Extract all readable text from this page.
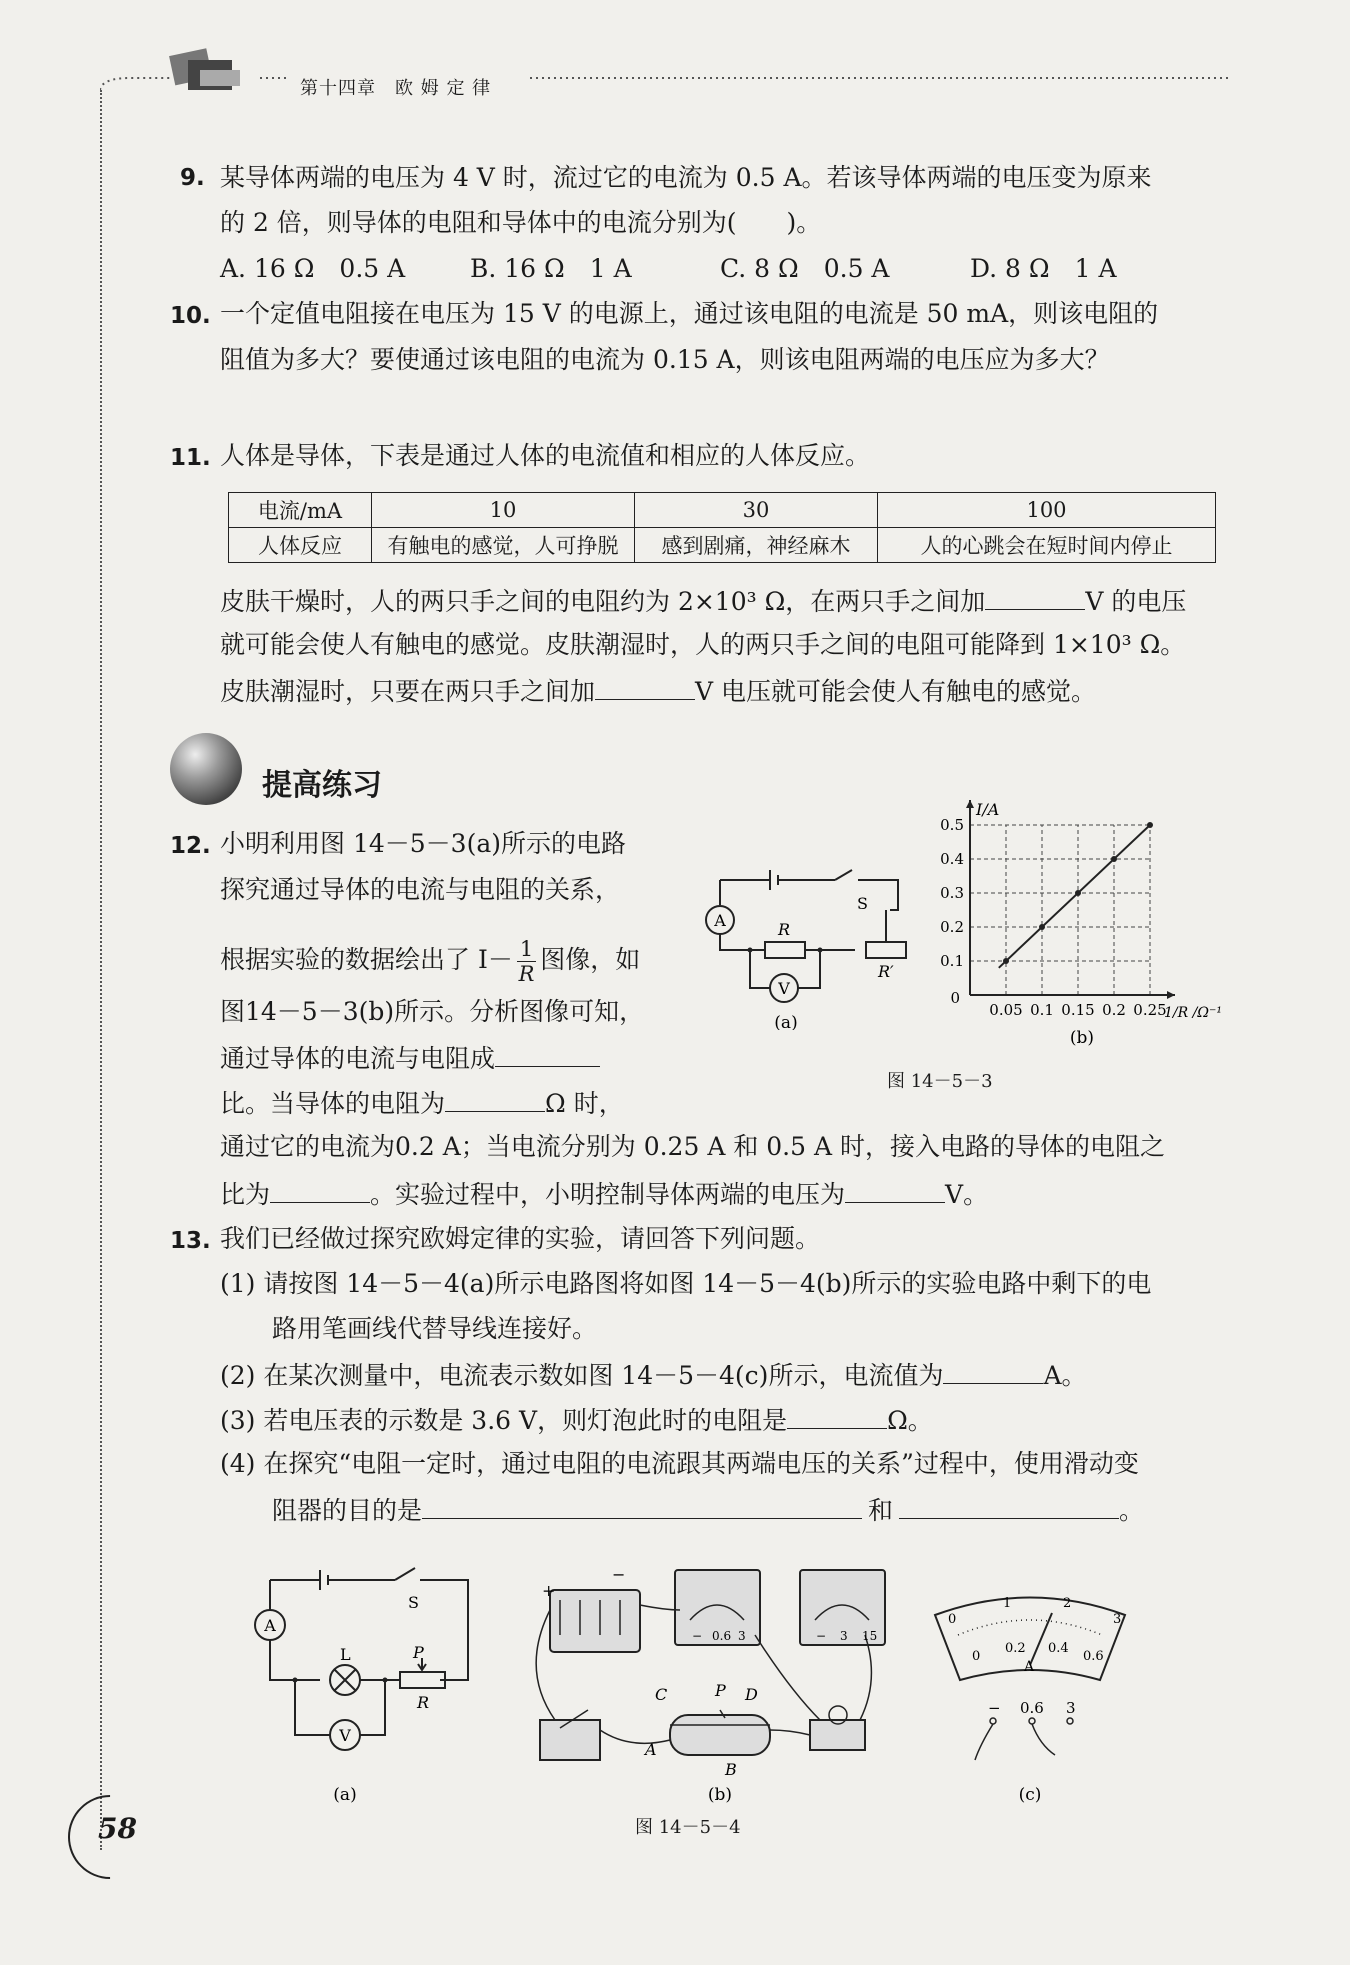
第十四章　欧 姆 定 律
9. 某导体两端的电压为 4 V 时，流过它的电流为 0.5 A。若该导体两端的电压变为原来
的 2 倍，则导体的电阻和导体中的电流分别为(　　)。
A. 16 Ω　0.5 A	B. 16 Ω　1 A	C. 8 Ω　0.5 A	D. 8 Ω　1 A
10. 一个定值电阻接在电压为 15 V 的电源上，通过该电阻的电流是 50 mA，则该电阻的
阻值为多大？要使通过该电阻的电流为 0.15 A，则该电阻两端的电压应为多大？
11. 人体是导体，下表是通过人体的电流值和相应的人体反应。
电流/mA	10	30	100
人体反应	有触电的感觉，人可挣脱	感到剧痛，神经麻木	人的心跳会在短时间内停止
皮肤干燥时，人的两只手之间的电阻约为 2×10³ Ω，在两只手之间加	V 的电压
就可能会使人有触电的感觉。皮肤潮湿时，人的两只手之间的电阻可能降到 1×10³ Ω。
皮肤潮湿时，只要在两只手之间加	V 电压就可能会使人有触电的感觉。
提高练习
12. 小明利用图 14－5－3(a)所示的电路
探究通过导体的电流与电阻的关系，
根据实验的数据绘出了 $I- \frac{1}{R}$ 图像，如
图14－5－3(b)所示。分析图像可知，
通过导体的电流与电阻成
比。当导体的电阻为	Ω 时，
通过它的电流为0.2 A；当电流分别为 0.25 A 和 0.5 A 时，接入电路的导体的电阻之
比为	。实验过程中，小明控制导体两端的电压为	V。
A
V
S
R
R′
(a)
0.05 0.1 0.15 0.2 0.25
0.1
0.2
0.3
0.4
0.5
0
I/A
1/R /Ω⁻¹
(b)
图 14－5－3
13. 我们已经做过探究欧姆定律的实验，请回答下列问题。
(1) 请按图 14－5－4(a)所示电路图将如图 14－5－4(b)所示的实验电路中剩下的电
路用笔画线代替导线连接好。
(2) 在某次测量中，电流表示数如图 14－5－4(c)所示，电流值为	A。
(3) 若电压表的示数是 3.6 V，则灯泡此时的电阻是	Ω。
(4) 在探究“电阻一定时，通过电阻的电流跟其两端电压的关系”过程中，使用滑动变
阻器的目的是	和	。
A
V
L
S
P
R
(a)
+
−
− 0.6 3	− 3 15
C	P D
A
B
(b)
0
1	2
3
0
0.2 0.4
0.6
A
− 0.6 3
(c)
图 14－5－4
58
